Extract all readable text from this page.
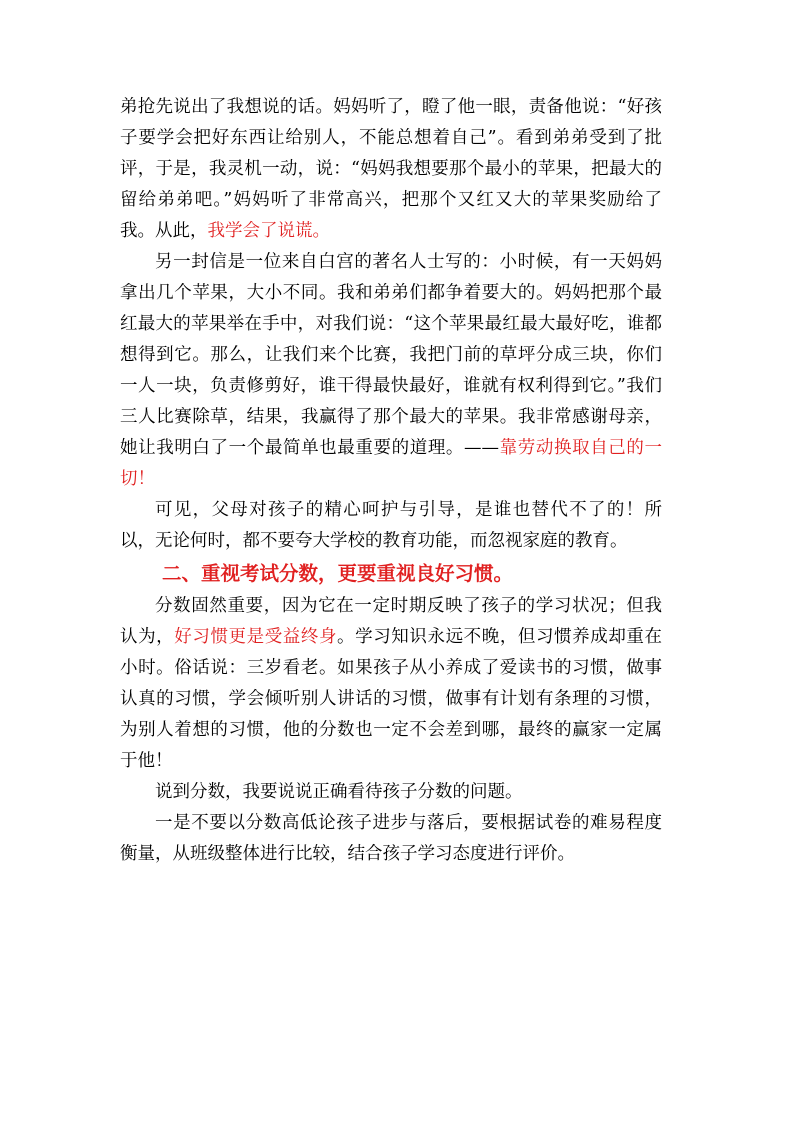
弟抢先说出了我想说的话。妈妈听了，瞪了他一眼，责备他说：“好孩子要学会把好东西让给别人，不能总想着自己”。看到弟弟受到了批评，于是，我灵机一动，说：“妈妈我想要那个最小的苹果，把最大的留给弟弟吧。”妈妈听了非常高兴，把那个又红又大的苹果奖励给了我。从此，我学会了说谎。

另一封信是一位来自白宫的著名人士写的：小时候，有一天妈妈拿出几个苹果，大小不同。我和弟弟们都争着要大的。妈妈把那个最红最大的苹果举在手中，对我们说：“这个苹果最红最大最好吃，谁都想得到它。那么，让我们来个比赛，我把门前的草坪分成三块，你们一人一块，负责修剪好，谁干得最快最好，谁就有权利得到它。”我们三人比赛除草，结果，我赢得了那个最大的苹果。我非常感谢母亲，她让我明白了一个最简单也最重要的道理。——靠劳动换取自己的一切！

可见，父母对孩子的精心呵护与引导，是谁也替代不了的！所以，无论何时，都不要夸大学校的教育功能，而忽视家庭的教育。

二、重视考试分数，更要重视良好习惯。

分数固然重要，因为它在一定时期反映了孩子的学习状况；但我认为，好习惯更是受益终身。学习知识永远不晚，但习惯养成却重在小时。俗话说：三岁看老。如果孩子从小养成了爱读书的习惯，做事认真的习惯，学会倾听别人讲话的习惯，做事有计划有条理的习惯，为别人着想的习惯，他的分数也一定不会差到哪，最终的赢家一定属于他！

说到分数，我要说说正确看待孩子分数的问题。

一是不要以分数高低论孩子进步与落后，要根据试卷的难易程度衡量，从班级整体进行比较，结合孩子学习态度进行评价。
